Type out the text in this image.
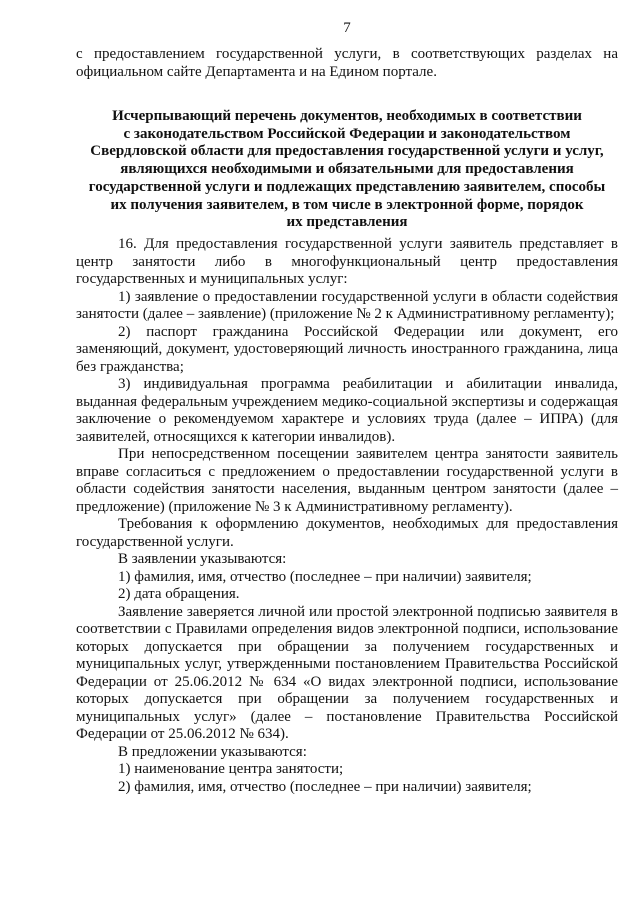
7
с предоставлением государственной услуги, в соответствующих разделах на официальном сайте Департамента и на Едином портале.
Исчерпывающий перечень документов, необходимых в соответствии
с законодательством Российской Федерации и законодательством
Свердловской области для предоставления государственной услуги и услуг,
являющихся необходимыми и обязательными для предоставления
государственной услуги и подлежащих представлению заявителем, способы
их получения заявителем, в том числе в электронной форме, порядок
их представления

16. Для предоставления государственной услуги заявитель представляет в центр занятости либо в многофункциональный центр предоставления государственных и муниципальных услуг:

1) заявление о предоставлении государственной услуги в области содействия занятости (далее – заявление) (приложение № 2 к Административному регламенту);

2) паспорт гражданина Российской Федерации или документ, его заменяющий, документ, удостоверяющий личность иностранного гражданина, лица без гражданства;

3) индивидуальная программа реабилитации и абилитации инвалида, выданная федеральным учреждением медико-социальной экспертизы и содержащая заключение о рекомендуемом характере и условиях труда (далее – ИПРА) (для заявителей, относящихся к категории инвалидов).

При непосредственном посещении заявителем центра занятости заявитель вправе согласиться с предложением о предоставлении государственной услуги в области содействия занятости населения, выданным центром занятости (далее – предложение) (приложение № 3 к Административному регламенту).

Требования к оформлению документов, необходимых для предоставления государственной услуги.

В заявлении указываются:

1) фамилия, имя, отчество (последнее – при наличии) заявителя;

2) дата обращения.

Заявление заверяется личной или простой электронной подписью заявителя в соответствии с Правилами определения видов электронной подписи, использование которых допускается при обращении за получением государственных и муниципальных услуг, утвержденными постановлением Правительства Российской Федерации от 25.06.2012 № 634 «О видах электронной подписи, использование которых допускается при обращении за получением государственных и муниципальных услуг» (далее – постановление Правительства Российской Федерации от 25.06.2012 № 634).

В предложении указываются:

1) наименование центра занятости;

2) фамилия, имя, отчество (последнее – при наличии) заявителя;
